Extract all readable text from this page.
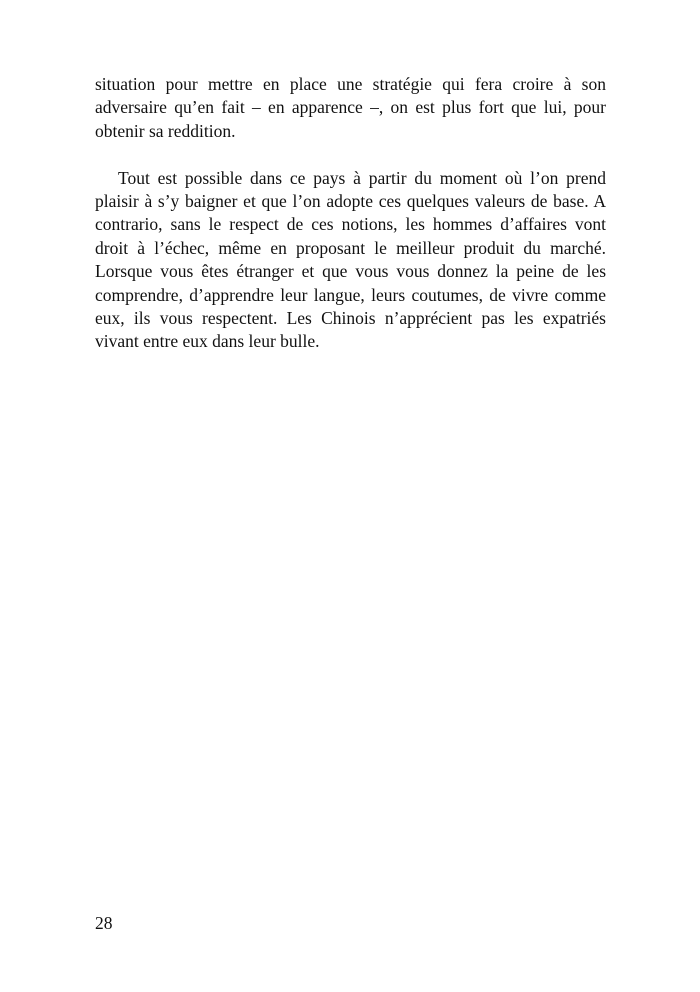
situation pour mettre en place une stratégie qui fera croire à son adversaire qu’en fait – en apparence –, on est plus fort que lui, pour obtenir sa reddition.

Tout est possible dans ce pays à partir du moment où l’on prend plaisir à s’y baigner et que l’on adopte ces quelques valeurs de base. A contrario, sans le respect de ces notions, les hommes d’affaires vont droit à l’échec, même en proposant le meilleur produit du marché. Lorsque vous êtes étranger et que vous vous donnez la peine de les comprendre, d’apprendre leur langue, leurs coutumes, de vivre comme eux, ils vous respectent. Les Chinois n’apprécient pas les expatriés vivant entre eux dans leur bulle.

28
